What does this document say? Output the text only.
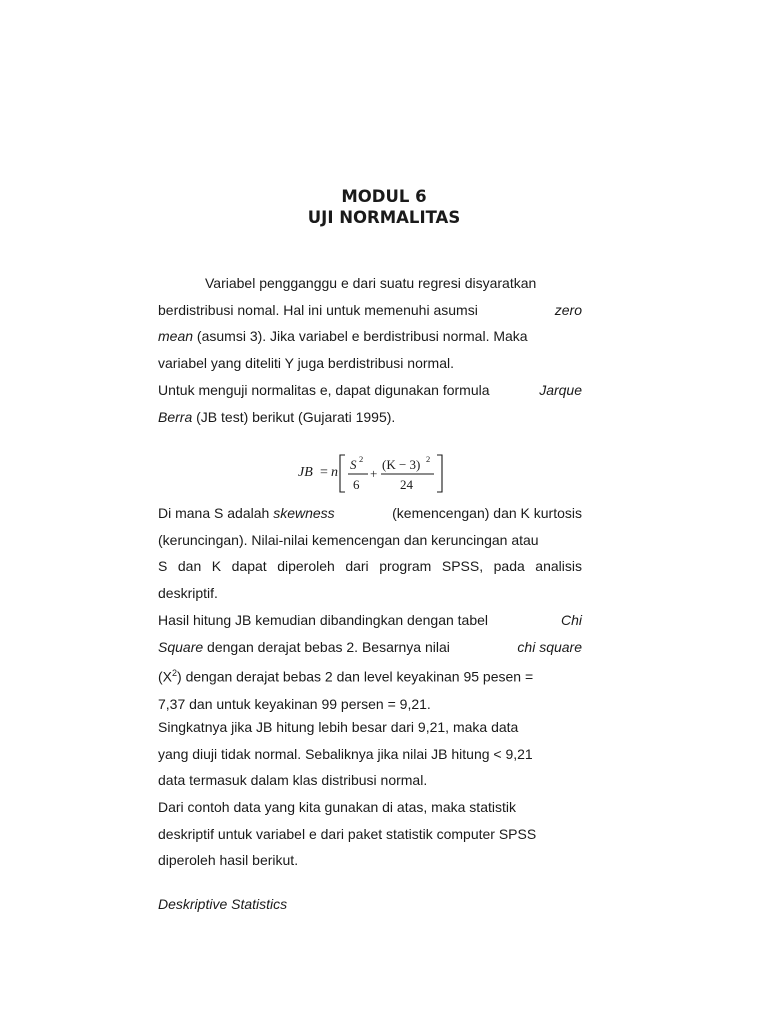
MODUL 6
UJI NORMALITAS
Variabel pengganggu e dari suatu regresi disyaratkan
berdistribusi nomal. Hal ini untuk memenuhi asumsi	zero
mean (asumsi 3). Jika variabel e berdistribusi normal. Maka
variabel yang diteliti Y juga berdistribusi normal.
Untuk menguji normalitas e, dapat digunakan formula	Jarque
Berra (JB test) berikut (Gujarati 1995).
JB = n
S 2
6
+
(K − 3) 2
24
Di mana S adalah skewness	(kemencengan) dan K kurtosis
(keruncingan). Nilai-nilai kemencengan dan keruncingan atau
S dan K dapat diperoleh dari program SPSS, pada analisis
deskriptif.
Hasil hitung JB kemudian dibandingkan dengan tabel	Chi
Square dengan derajat bebas 2. Besarnya nilai	chi square
$(X^2)$ dengan derajat bebas 2 dan level keyakinan 95 pesen =
7,37 dan untuk keyakinan 99 persen = 9,21.
Singkatnya jika JB hitung lebih besar dari 9,21, maka data
yang diuji tidak normal. Sebaliknya jika nilai JB hitung < 9,21
data termasuk dalam klas distribusi normal.
Dari contoh data yang kita gunakan di atas, maka statistik
deskriptif untuk variabel e dari paket statistik computer SPSS
diperoleh hasil berikut.

Deskriptive Statistics
